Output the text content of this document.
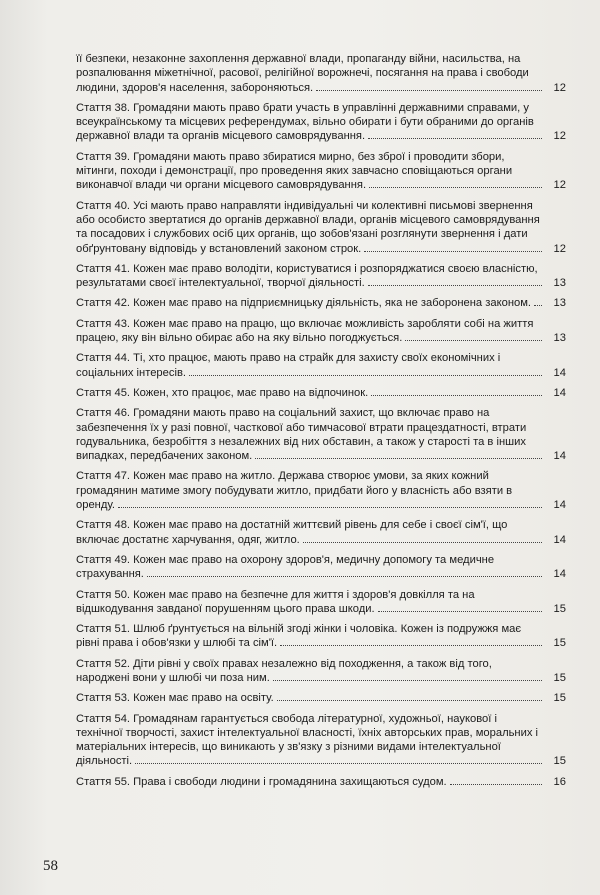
її безпеки, незаконне захоплення державної влади, пропаганду війни, насильства, на розпалювання міжетнічної, расової, релігійної ворожнечі, посягання на права і свободи людини, здоров'я населення, забороняються.	12
Стаття 38. Громадяни мають право брати участь в управлінні державними справами, у всеукраїнському та місцевих референдумах, вільно обирати і бути обраними до органів державної влади та органів місцевого самоврядування.	12
Стаття 39. Громадяни мають право збиратися мирно, без зброї і проводити збори, мітинги, походи і демонстрації, про проведення яких завчасно сповіщаються органи виконавчої влади чи органи місцевого самоврядування.	12
Стаття 40. Усі мають право направляти індивідуальні чи колективні письмові звернення або особисто звертатися до органів державної влади, органів місцевого самоврядування та посадових і службових осіб цих органів, що зобов'язані розглянути звернення і дати обґрунтовану відповідь у встановлений законом строк.	12
Стаття 41. Кожен має право володіти, користуватися і розпоряджатися своєю власністю, результатами своєї інтелектуальної, творчої діяльності.	13
Стаття 42. Кожен має право на підприємницьку діяльність, яка не заборонена законом. 13
Стаття 43. Кожен має право на працю, що включає можливість заробляти собі на життя працею, яку він вільно обирає або на яку вільно погоджується.	13
Стаття 44. Ті, хто працює, мають право на страйк для захисту своїх економічних і соціальних інтересів.	14
Стаття 45. Кожен, хто працює, має право на відпочинок.	14
Стаття 46. Громадяни мають право на соціальний захист, що включає право на забезпечення їх у разі повної, часткової або тимчасової втрати працездатності, втрати годувальника, безробіття з незалежних від них обставин, а також у старості та в інших випадках, передбачених законом.	14
Стаття 47. Кожен має право на житло. Держава створює умови, за яких кожний громадянин матиме змогу побудувати житло, придбати його у власність або взяти в оренду.	14
Стаття 48. Кожен має право на достатній життєвий рівень для себе і своєї сім'ї, що включає достатнє харчування, одяг, житло.	14
Стаття 49. Кожен має право на охорону здоров'я, медичну допомогу та медичне страхування.	14
Стаття 50. Кожен має право на безпечне для життя і здоров'я довкілля та на відшкодування завданої порушенням цього права шкоди.	15
Стаття 51. Шлюб ґрунтується на вільній згоді жінки і чоловіка. Кожен із подружжя має рівні права і обов'язки у шлюбі та сім'ї.	15
Стаття 52. Діти рівні у своїх правах незалежно від походження, а також від того, народжені вони у шлюбі чи поза ним.	15
Стаття 53. Кожен має право на освіту.	15
Стаття 54. Громадянам гарантується свобода літературної, художньої, наукової і технічної творчості, захист інтелектуальної власності, їхніх авторських прав, моральних і матеріальних інтересів, що виникають у зв'язку з різними видами інтелектуальної діяльності.	15
Стаття 55. Права і свободи людини і громадянина захищаються судом.	16
58
